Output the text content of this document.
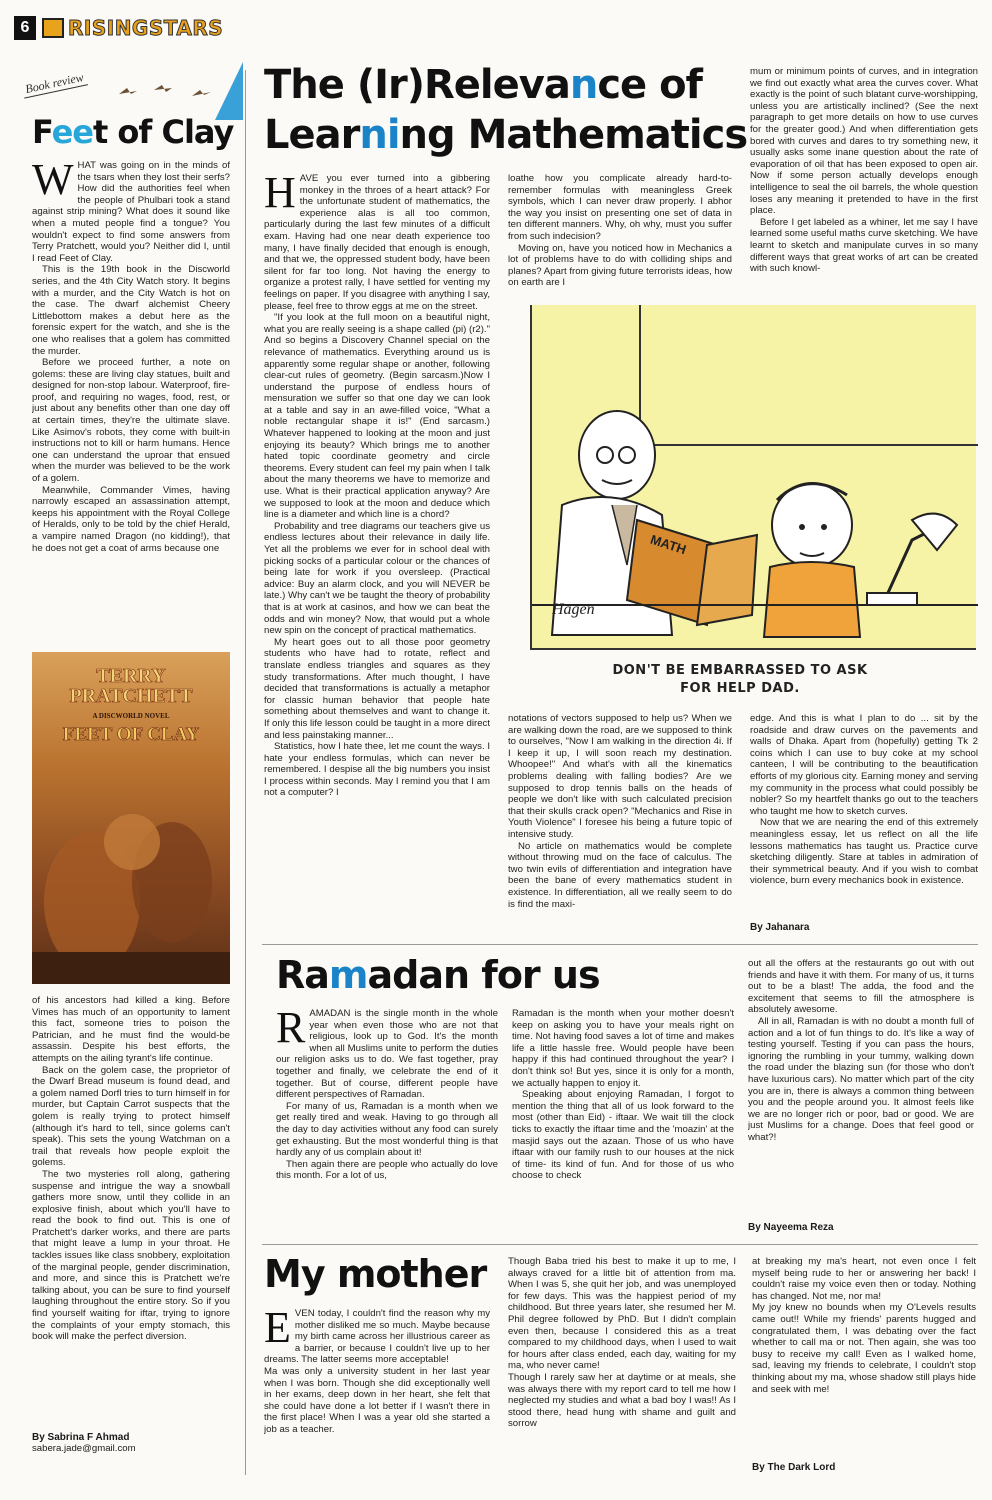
6	RISINGSTARS
Book review
Feet of Clay
W HAT was going on in the minds of the tsars when they lost their serfs? How did the authorities feel when the people of Phulbari took a stand against strip mining? What does it sound like when a muted people find a tongue? You wouldn't expect to find some answers from Terry Pratchett, would you? Neither did I, until I read Feet of Clay.

This is the 19th book in the Discworld series, and the 4th City Watch story. It begins with a murder, and the City Watch is hot on the case. The dwarf alchemist Cheery Littlebottom makes a debut here as the forensic expert for the watch, and she is the one who realises that a golem has committed the murder.

Before we proceed further, a note on golems: these are living clay statues, built and designed for non-stop labour. Waterproof, fire-proof, and requiring no wages, food, rest, or just about any benefits other than one day off at certain times, they're the ultimate slave. Like Asimov's robots, they come with built-in instructions not to kill or harm humans. Hence one can understand the uproar that ensued when the murder was believed to be the work of a golem.

Meanwhile, Commander Vimes, having narrowly escaped an assassination attempt, keeps his appointment with the Royal College of Heralds, only to be told by the chief Herald, a vampire named Dragon (no kidding!), that he does not get a coat of arms because one

TERRY
PRATCHETT
A DISCWORLD NOVEL
FEET OF CLAY

of his ancestors had killed a king. Before Vimes has much of an opportunity to lament this fact, someone tries to poison the Patrician, and he must find the would-be assassin. Despite his best efforts, the attempts on the ailing tyrant's life continue.

Back on the golem case, the proprietor of the Dwarf Bread museum is found dead, and a golem named Dorfl tries to turn himself in for murder, but Captain Carrot suspects that the golem is really trying to protect himself (although it's hard to tell, since golems can't speak). This sets the young Watchman on a trail that reveals how people exploit the golems.

The two mysteries roll along, gathering suspense and intrigue the way a snowball gathers more snow, until they collide in an explosive finish, about which you'll have to read the book to find out. This is one of Pratchett's darker works, and there are parts that might leave a lump in your throat. He tackles issues like class snobbery, exploitation of the marginal people, gender discrimination, and more, and since this is Pratchett we're talking about, you can be sure to find yourself laughing throughout the entire story. So if you find yourself waiting for iftar, trying to ignore the complaints of your empty stomach, this book will make the perfect diversion.

By Sabrina F Ahmad
sabera.jade@gmail.com
The (Ir)Relevance of
Learning Mathematics
H AVE you ever turned into a gibbering monkey in the throes of a heart attack? For the unfortunate student of mathematics, the experience alas is all too common, particularly during the last few minutes of a difficult exam. Having had one near death experience too many, I have finally decided that enough is enough, and that we, the oppressed student body, have been silent for far too long. Not having the energy to organize a protest rally, I have settled for venting my feelings on paper. If you disagree with anything I say, please, feel free to throw eggs at me on the street.

"If you look at the full moon on a beautiful night, what you are really seeing is a shape called (pi) (r2)." And so begins a Discovery Channel special on the relevance of mathematics. Everything around us is apparently some regular shape or another, following clear-cut rules of geometry. (Begin sarcasm.)Now I understand the purpose of endless hours of mensuration we suffer so that one day we can look at a table and say in an awe-filled voice, "What a noble rectangular shape it is!" (End sarcasm.) Whatever happened to looking at the moon and just enjoying its beauty? Which brings me to another hated topic coordinate geometry and circle theorems. Every student can feel my pain when I talk about the many theorems we have to memorize and use. What is their practical application anyway? Are we supposed to look at the moon and deduce which line is a diameter and which line is a chord?

Probability and tree diagrams our teachers give us endless lectures about their relevance in daily life. Yet all the problems we ever for in school deal with picking socks of a particular colour or the chances of being late for work if you oversleep. (Practical advice: Buy an alarm clock, and you will NEVER be late.) Why can't we be taught the theory of probability that is at work at casinos, and how we can beat the odds and win money? Now, that would put a whole new spin on the concept of practical mathematics.

My heart goes out to all those poor geometry students who have had to rotate, reflect and translate endless triangles and squares as they study transformations. After much thought, I have decided that transformations is actually a metaphor for classic human behavior that people hate something about themselves and want to change it. If only this life lesson could be taught in a more direct and less painstaking manner...

Statistics, how I hate thee, let me count the ways. I hate your endless formulas, which can never be remembered. I despise all the big numbers you insist I process within seconds. May I remind you that I am not a computer? I

loathe how you complicate already hard-to-remember formulas with meaningless Greek symbols, which I can never draw properly. I abhor the way you insist on presenting one set of data in ten different manners. Why, oh why, must you suffer from such indecision?

Moving on, have you noticed how in Mechanics a lot of problems have to do with colliding ships and planes? Apart from giving future terrorists ideas, how on earth are I

mum or minimum points of curves, and in integration we find out exactly what area the curves cover. What exactly is the point of such blatant curve-worshipping, unless you are artistically inclined? (See the next paragraph to get more details on how to use curves for the greater good.) And when differentiation gets bored with curves and dares to try something new, it usually asks some inane question about the rate of evaporation of oil that has been exposed to open air. Now if some person actually develops enough intelligence to seal the oil barrels, the whole question loses any meaning it pretended to have in the first place.

Before I get labeled as a whiner, let me say I have learned some useful maths curve sketching. We have learnt to sketch and manipulate curves in so many different ways that great works of art can be created with such knowl-

MATH
Hagen
DON'T BE EMBARRASSED TO ASK
FOR HELP DAD.

notations of vectors supposed to help us? When we are walking down the road, are we supposed to think to ourselves, "Now I am walking in the direction 4i. If I keep it up, I will soon reach my destination. Whoopee!" And what's with all the kinematics problems dealing with falling bodies? Are we supposed to drop tennis balls on the heads of people we don't like with such calculated precision that their skulls crack open? "Mechanics and Rise in Youth Violence" I foresee his being a future topic of intensive study.

No article on mathematics would be complete without throwing mud on the face of calculus. The two twin evils of differentiation and integration have been the bane of every mathematics student in existence. In differentiation, all we really seem to do is find the maxi-

edge. And this is what I plan to do ... sit by the roadside and draw curves on the pavements and walls of Dhaka. Apart from (hopefully) getting Tk 2 coins which I can use to buy coke at my school canteen, I will be contributing to the beautification efforts of my glorious city. Earning money and serving my community in the process what could possibly be nobler? So my heartfelt thanks go out to the teachers who taught me how to sketch curves.

Now that we are nearing the end of this extremely meaningless essay, let us reflect on all the life lessons mathematics has taught us. Practice curve sketching diligently. Stare at tables in admiration of their symmetrical beauty. And if you wish to combat violence, burn every mechanics book in existence.

By Jahanara
Ramadan for us
R AMADAN is the single month in the whole year when even those who are not that religious, look up to God. It's the month when all Muslims unite to perform the duties our religion asks us to do. We fast together, pray together and finally, we celebrate the end of it together. But of course, different people have different perspectives of Ramadan.

For many of us, Ramadan is a month when we get really tired and weak. Having to go through all the day to day activities without any food can surely get exhausting. But the most wonderful thing is that hardly any of us complain about it!

Then again there are people who actually do love this month. For a lot of us,

Ramadan is the month when your mother doesn't keep on asking you to have your meals right on time. Not having food saves a lot of time and makes life a little hassle free. Would people have been happy if this had continued throughout the year? I don't think so! But yes, since it is only for a month, we actually happen to enjoy it.

Speaking about enjoying Ramadan, I forgot to mention the thing that all of us look forward to the most (other than Eid) - iftaar. We wait till the clock ticks to exactly the iftaar time and the 'moazin' at the masjid says out the azaan. Those of us who have iftaar with our family rush to our houses at the nick of time- its kind of fun. And for those of us who choose to check

out all the offers at the restaurants go out with out friends and have it with them. For many of us, it turns out to be a blast! The adda, the food and the excitement that seems to fill the atmosphere is absolutely awesome.

All in all, Ramadan is with no doubt a month full of action and a lot of fun things to do. It's like a way of testing yourself. Testing if you can pass the hours, ignoring the rumbling in your tummy, walking down the road under the blazing sun (for those who don't have luxurious cars). No matter which part of the city you are in, there is always a common thing between you and the people around you. It almost feels like we are no longer rich or poor, bad or good. We are just Muslims for a change. Does that feel good or what?!

By Nayeema Reza
My mother
E VEN today, I couldn't find the reason why my mother disliked me so much. Maybe because my birth came across her illustrious career as a barrier, or because I couldn't live up to her dreams. The latter seems more acceptable!

Ma was only a university student in her last year when I was born. Though she did exceptionally well in her exams, deep down in her heart, she felt that she could have done a lot better if I wasn't there in the first place! When I was a year old she started a job as a teacher.

Though Baba tried his best to make it up to me, I always craved for a little bit of attention from ma. When I was 5, she quit her job, and was unemployed for few days. This was the happiest period of my childhood. But three years later, she resumed her M. Phil degree followed by PhD. But I didn't complain even then, because I considered this as a treat compared to my childhood days, when I used to wait for hours after class ended, each day, waiting for my ma, who never came!

Though I rarely saw her at daytime or at meals, she was always there with my report card to tell me how I neglected my studies and what a bad boy I was!! As I stood there, head hung with shame and guilt and sorrow

at breaking my ma's heart, not even once I felt myself being rude to her or answering her back! I couldn't raise my voice even then or today. Nothing has changed. Not me, nor ma!

My joy knew no bounds when my O'Levels results came out!! While my friends' parents hugged and congratulated them, I was debating over the fact whether to call ma or not. Then again, she was too busy to receive my call! Even as I walked home, sad, leaving my friends to celebrate, I couldn't stop thinking about my ma, whose shadow still plays hide and seek with me!

By The Dark Lord
